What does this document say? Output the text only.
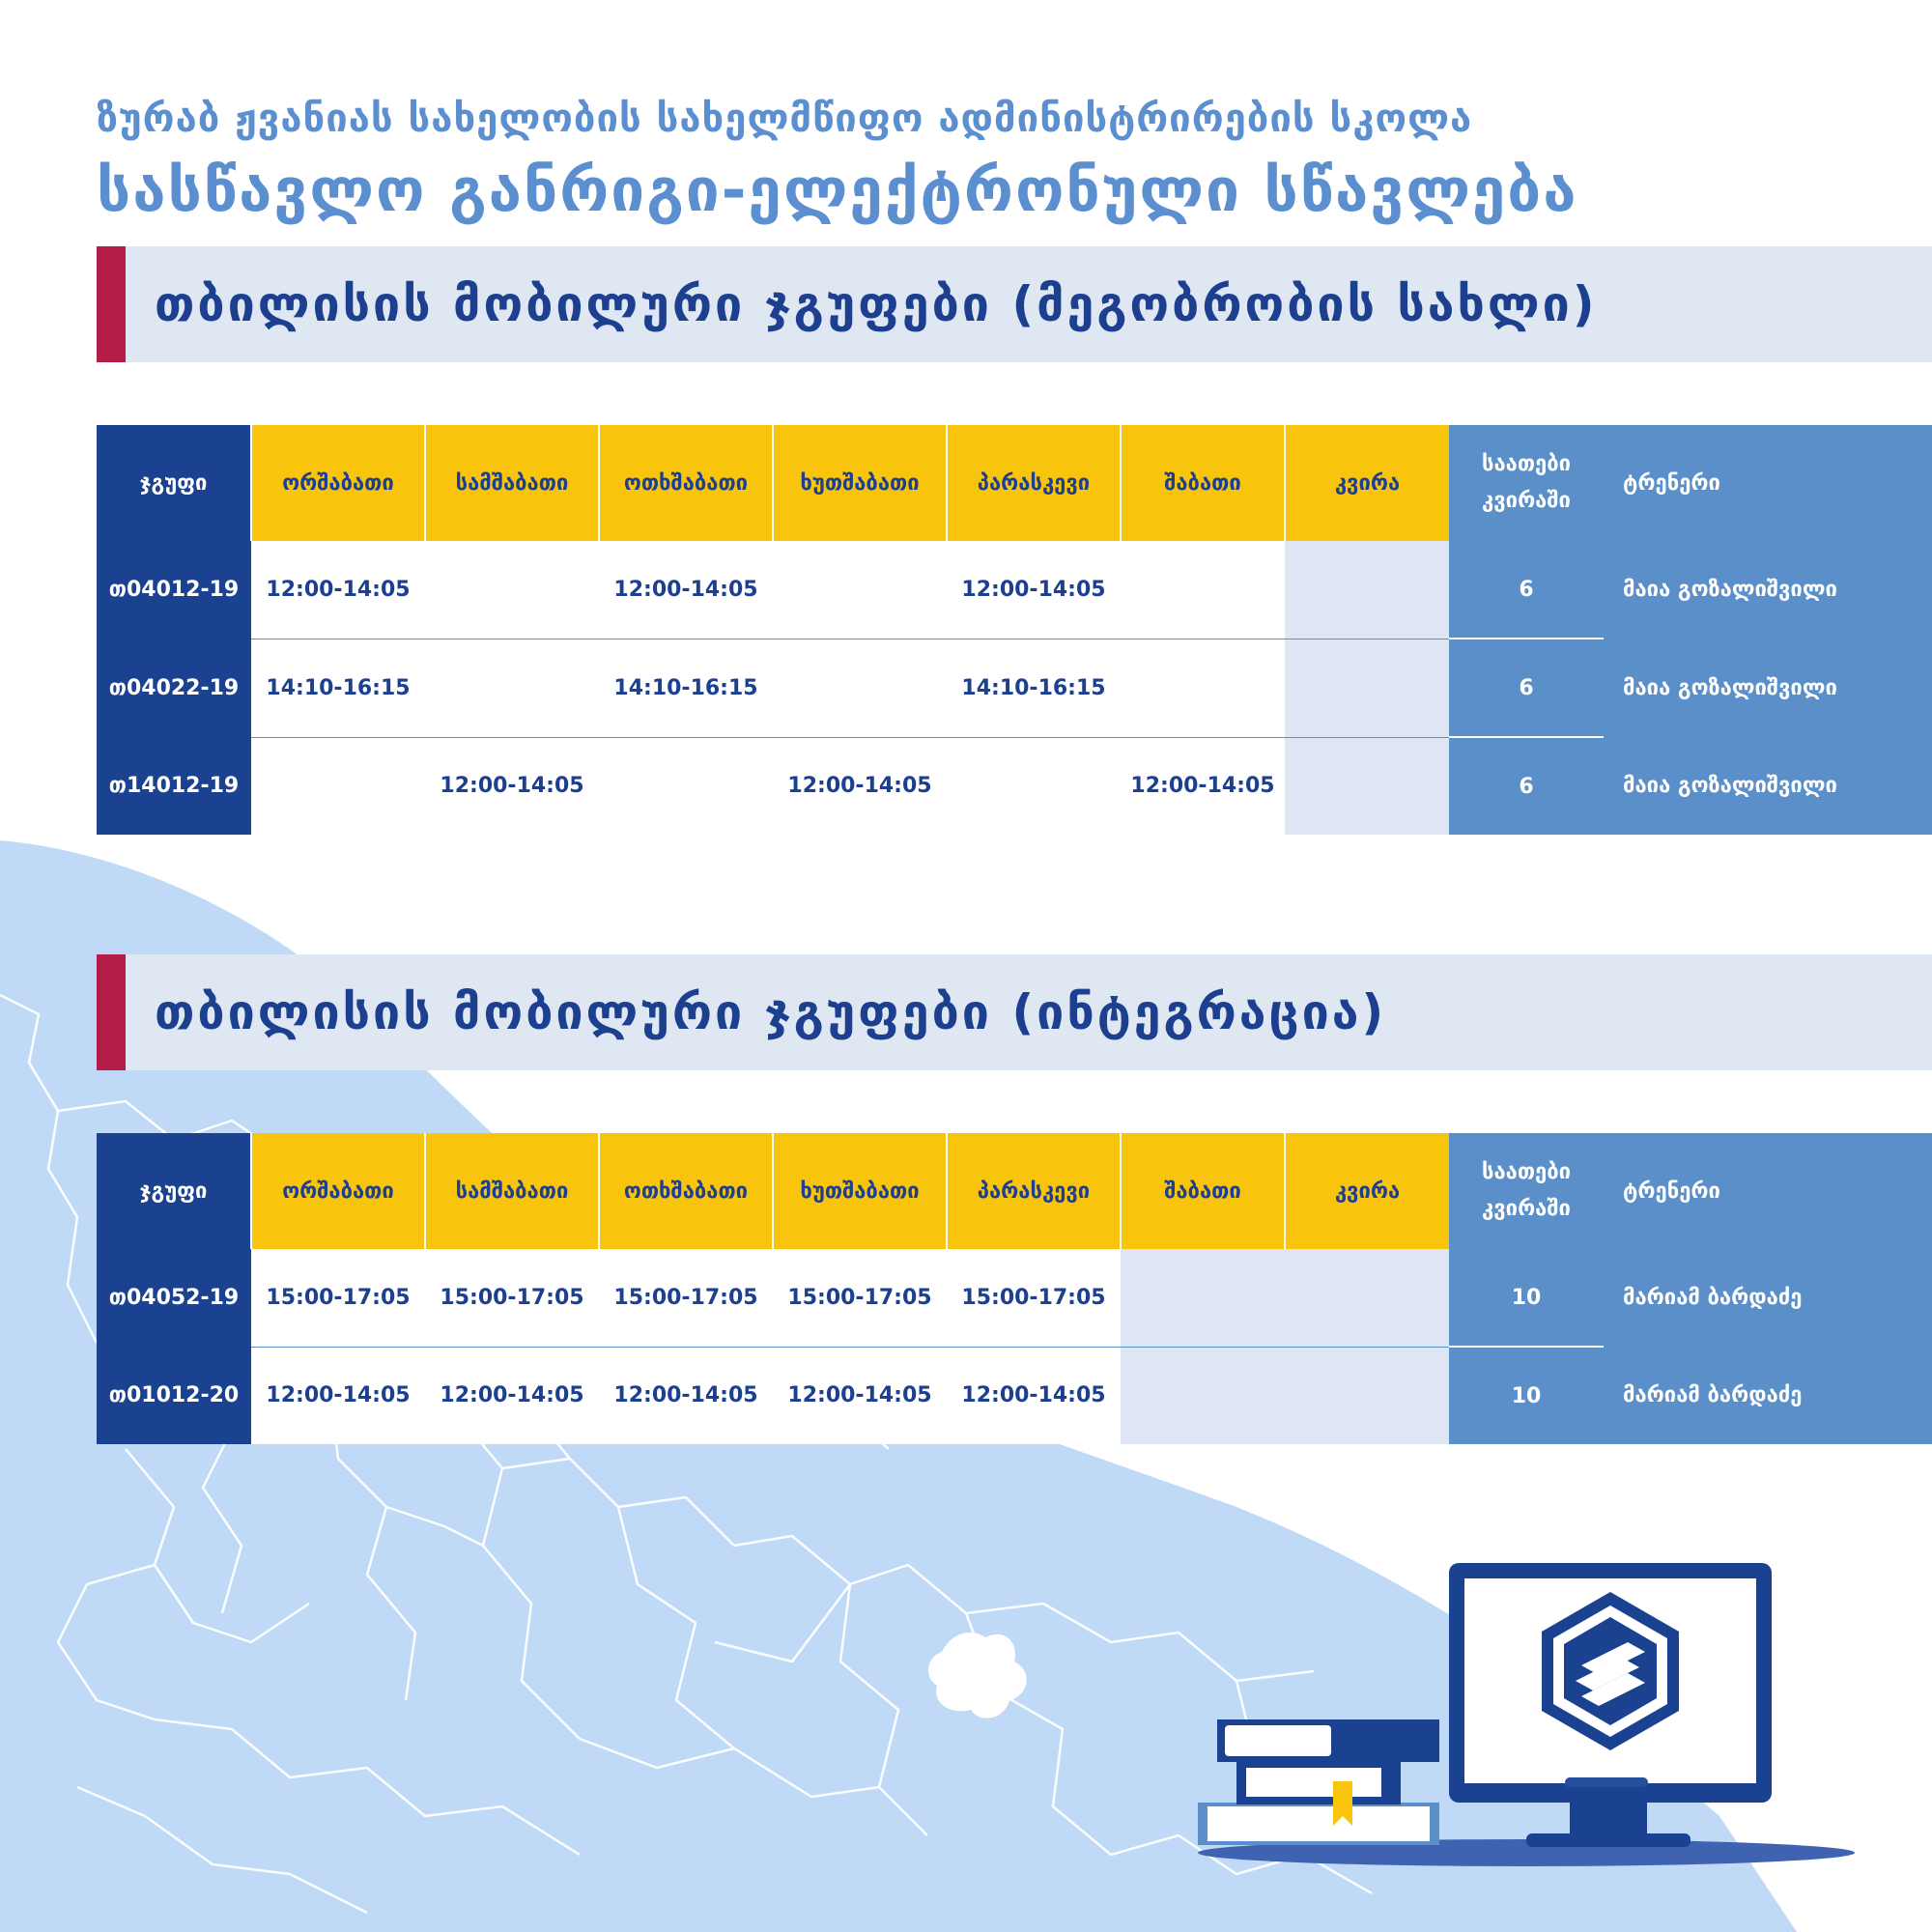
ზურაბ ჟვანიას სახელობის სახელმწიფო ადმინისტრირების სკოლა
სასწავლო განრიგი-ელექტრონული სწავლება
თბილისის მობილური ჯგუფები (მეგობრობის სახლი)
ჯგუფი	ორშაბათი	სამშაბათი	ოთხშაბათი	ხუთშაბათი	პარასკევი	შაბათი	კვირა	საათები
კვირაში	ტრენერი
თ04012-19	12:00-14:05		12:00-14:05		12:00-14:05			6	მაია გოზალიშვილი
თ04022-19	14:10-16:15		14:10-16:15		14:10-16:15			6	მაია გოზალიშვილი
თ14012-19		12:00-14:05		12:00-14:05		12:00-14:05		6	მაია გოზალიშვილი
თბილისის მობილური ჯგუფები (ინტეგრაცია)
ჯგუფი	ორშაბათი	სამშაბათი	ოთხშაბათი	ხუთშაბათი	პარასკევი	შაბათი	კვირა	საათები
კვირაში	ტრენერი
თ04052-19	15:00-17:05	15:00-17:05	15:00-17:05	15:00-17:05	15:00-17:05			10	მარიამ ბარდაძე
თ01012-20	12:00-14:05	12:00-14:05	12:00-14:05	12:00-14:05	12:00-14:05			10	მარიამ ბარდაძე
